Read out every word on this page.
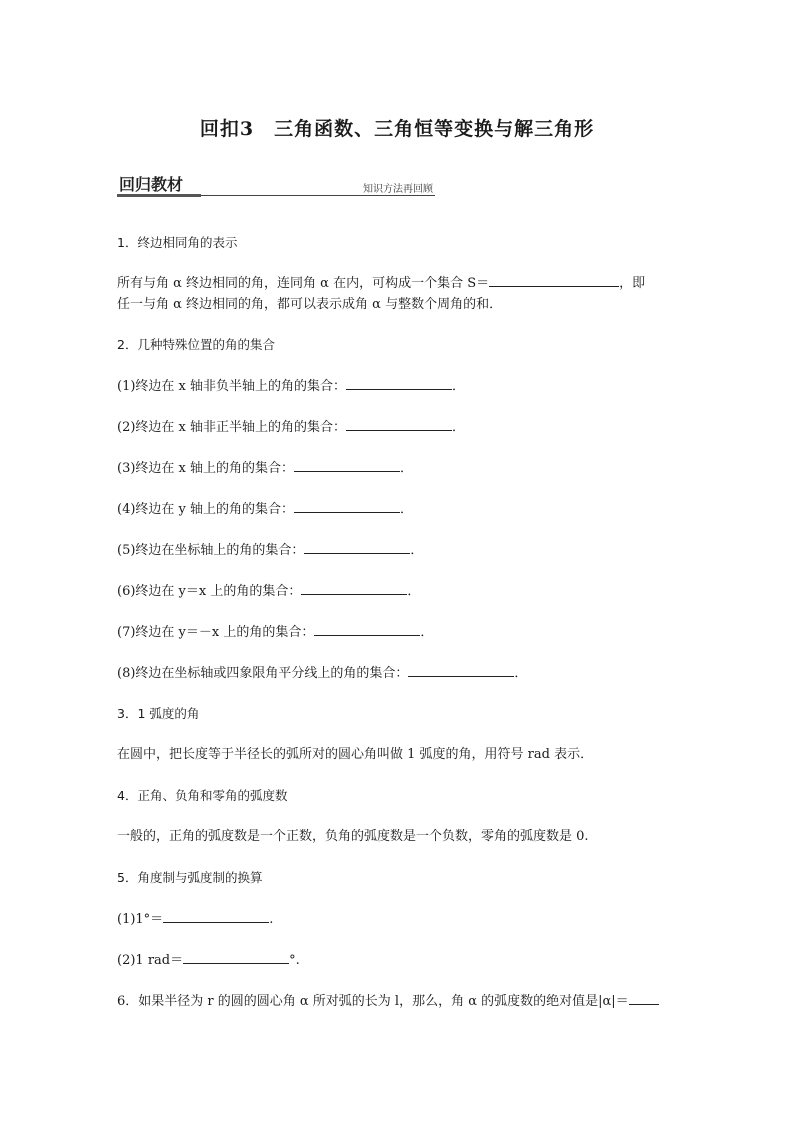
回扣3　三角函数、三角恒等变换与解三角形
回归教材	知识方法再回顾

1．终边相同角的表示

所有与角 α 终边相同的角，连同角 α 在内，可构成一个集合 S＝	，即

任一与角 α 终边相同的角，都可以表示成角 α 与整数个周角的和．

2．几种特殊位置的角的集合

(1)终边在 x 轴非负半轴上的角的集合：	．

(2)终边在 x 轴非正半轴上的角的集合：	．

(3)终边在 x 轴上的角的集合：	．

(4)终边在 y 轴上的角的集合：	．

(5)终边在坐标轴上的角的集合：	．

(6)终边在 y＝x 上的角的集合：	．

(7)终边在 y＝－x 上的角的集合：	．

(8)终边在坐标轴或四象限角平分线上的角的集合：	．

3．1 弧度的角

在圆中，把长度等于半径长的弧所对的圆心角叫做 1 弧度的角，用符号 rad 表示．

4．正角、负角和零角的弧度数

一般的，正角的弧度数是一个正数，负角的弧度数是一个负数，零角的弧度数是 0.

5．角度制与弧度制的换算

(1)1°＝	.

(2)1 rad＝	°.

6．如果半径为 r 的圆的圆心角 α 所对弧的长为 l，那么，角 α 的弧度数的绝对值是|α|＝
